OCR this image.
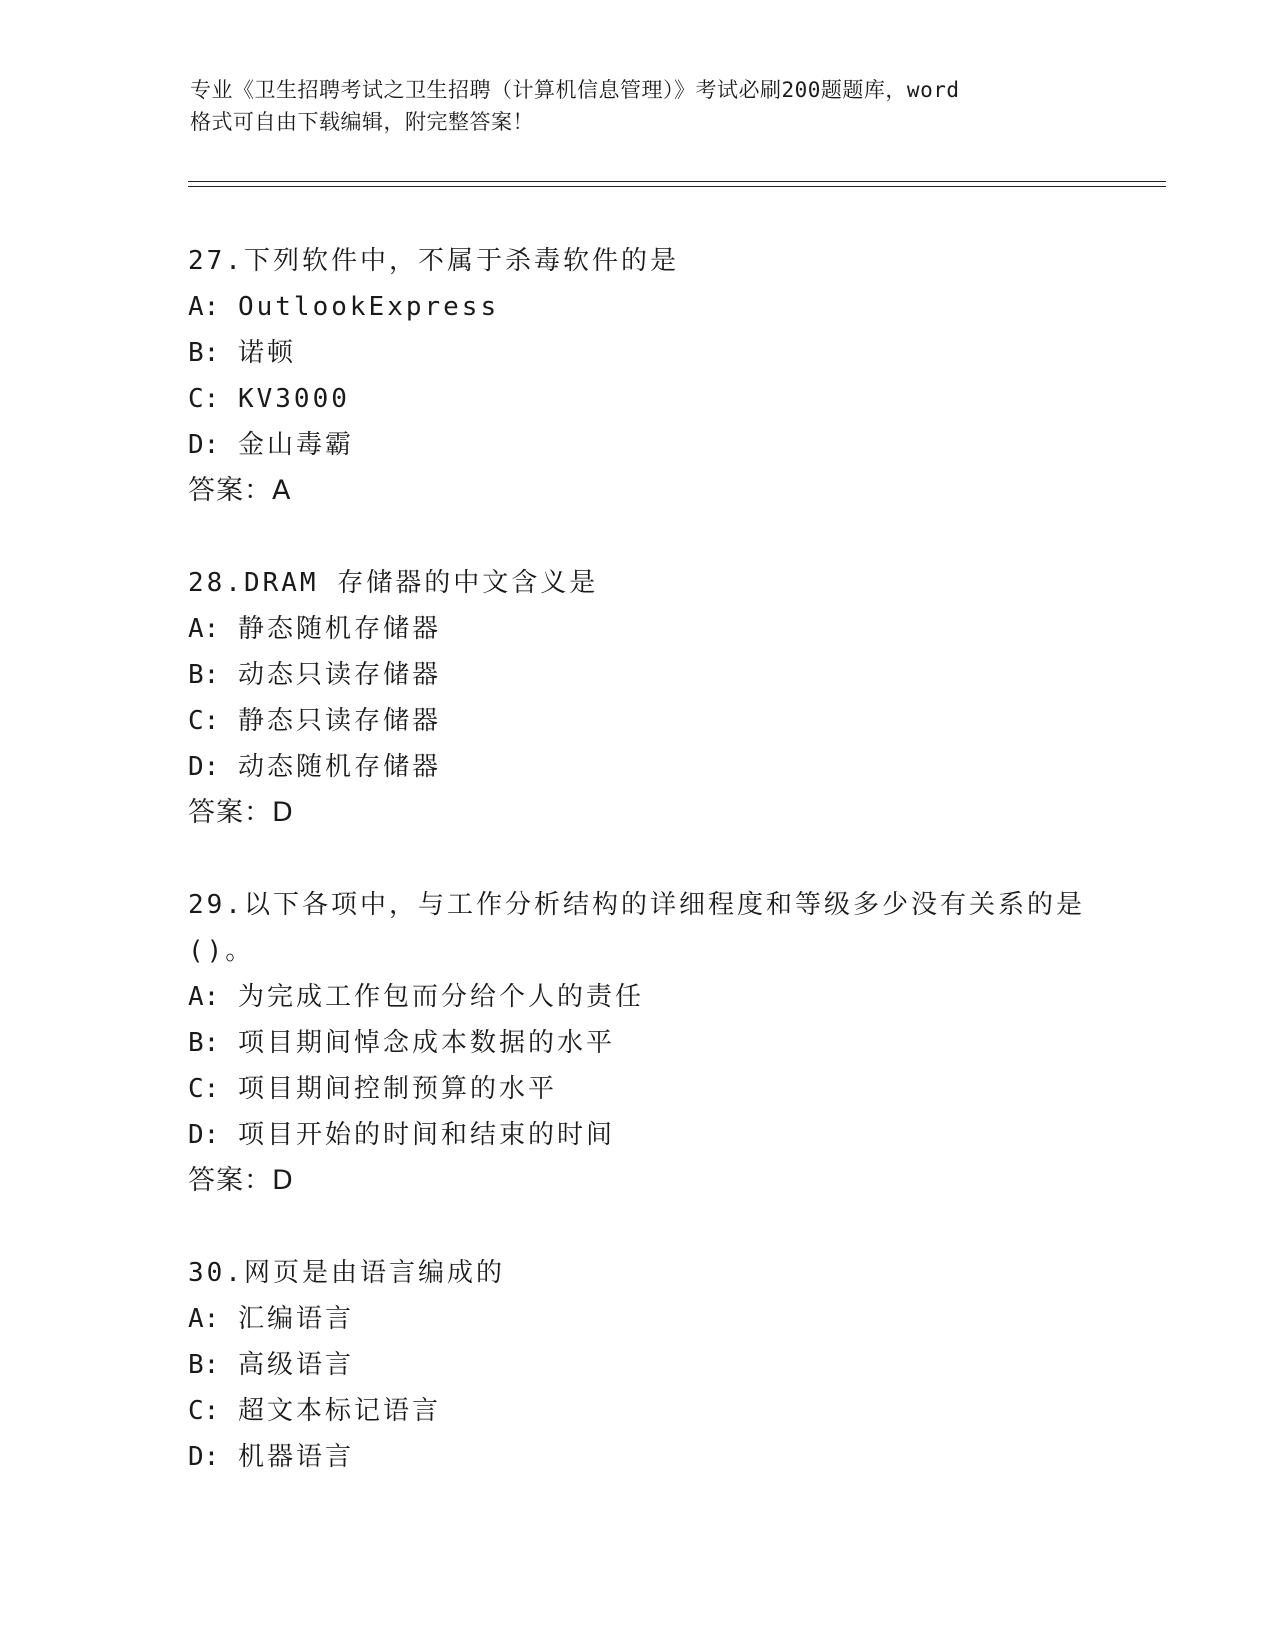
专业《卫生招聘考试之卫生招聘（计算机信息管理）》考试必刷200题题库，word
格式可自由下载编辑，附完整答案！
27.下列软件中，不属于杀毒软件的是
A: OutlookExpress
B: 诺顿
C: KV3000
D: 金山毒霸
答案：A
28.DRAM 存储器的中文含义是
A: 静态随机存储器
B: 动态只读存储器
C: 静态只读存储器
D: 动态随机存储器
答案：D
29.以下各项中，与工作分析结构的详细程度和等级多少没有关系的是()。
A: 为完成工作包而分给个人的责任
B: 项目期间悼念成本数据的水平
C: 项目期间控制预算的水平
D: 项目开始的时间和结束的时间
答案：D
30.网页是由语言编成的
A: 汇编语言
B: 高级语言
C: 超文本标记语言
D: 机器语言
